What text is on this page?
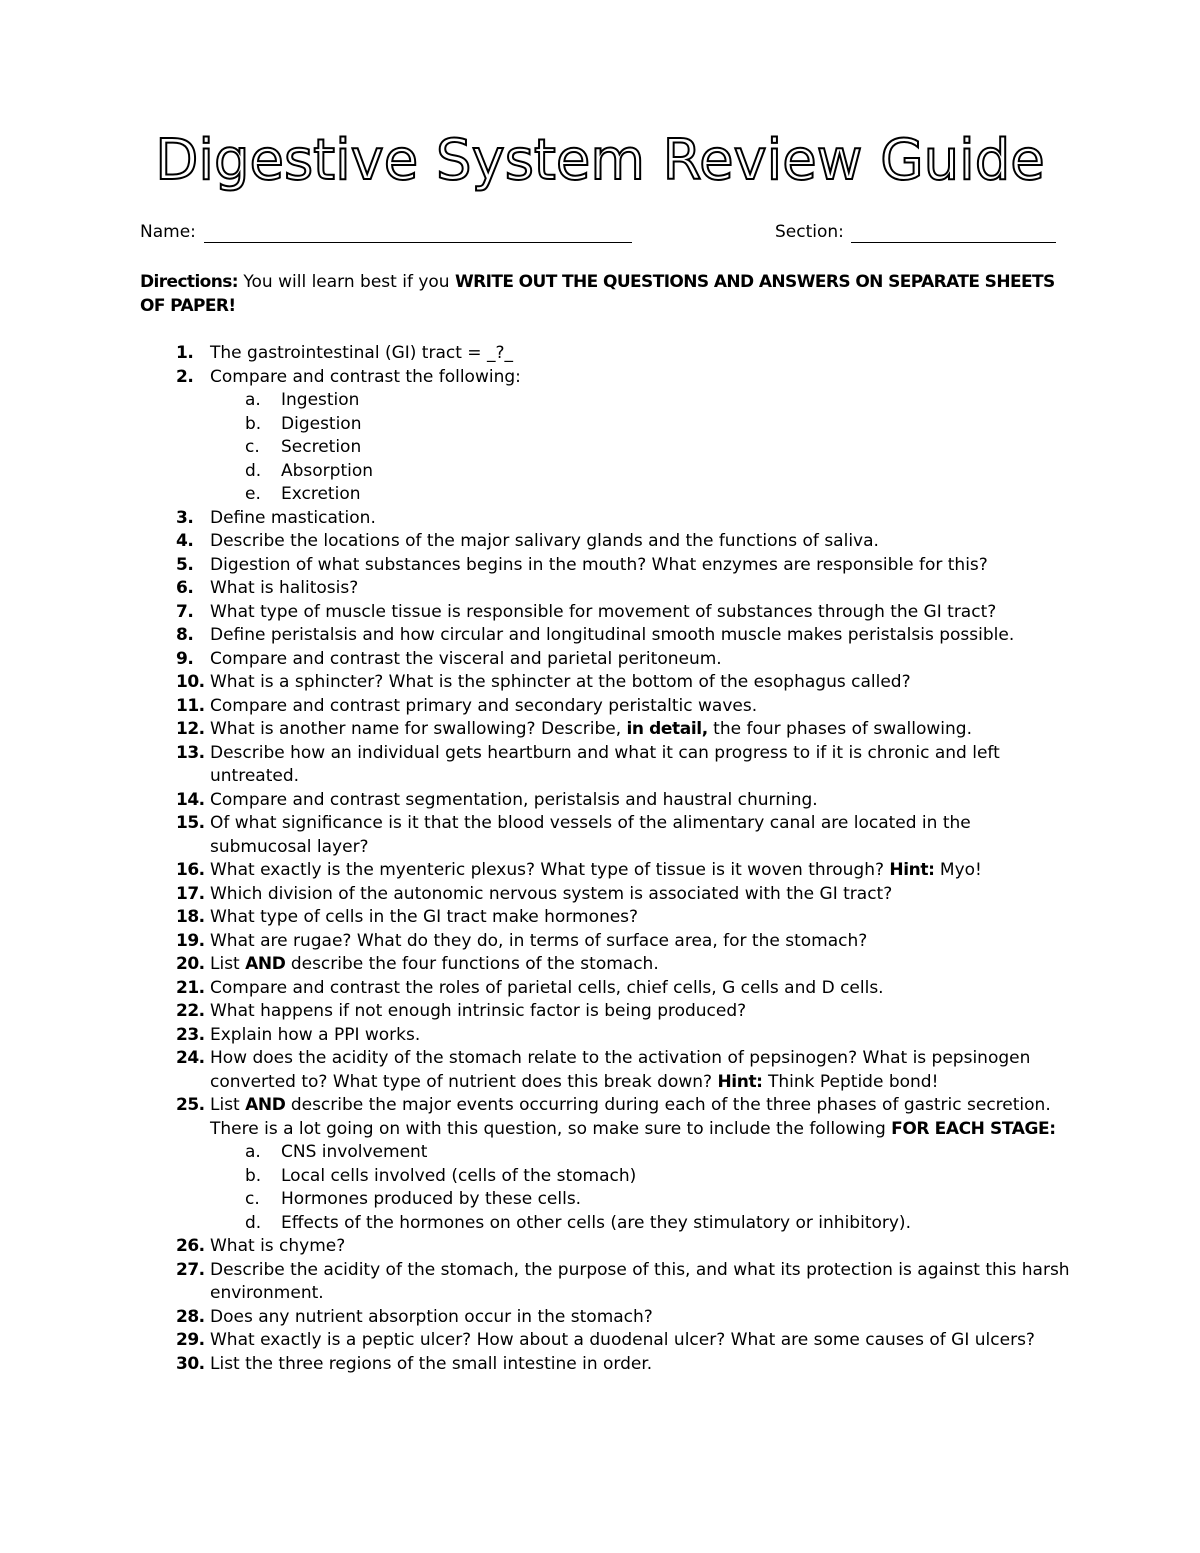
Digestive System Review Guide
Name:	Section:
Directions: You will learn best if you WRITE OUT THE QUESTIONS AND ANSWERS ON SEPARATE SHEETS OF PAPER!
1. The gastrointestinal (GI) tract = _?_
2. Compare and contrast the following:
a. Ingestion
b. Digestion
c. Secretion
d. Absorption
e. Excretion
3. Define mastication.
4. Describe the locations of the major salivary glands and the functions of saliva.
5. Digestion of what substances begins in the mouth? What enzymes are responsible for this?
6. What is halitosis?
7. What type of muscle tissue is responsible for movement of substances through the GI tract?
8. Define peristalsis and how circular and longitudinal smooth muscle makes peristalsis possible.
9. Compare and contrast the visceral and parietal peritoneum.
10. What is a sphincter? What is the sphincter at the bottom of the esophagus called?
11. Compare and contrast primary and secondary peristaltic waves.
12. What is another name for swallowing? Describe, in detail, the four phases of swallowing.
13. Describe how an individual gets heartburn and what it can progress to if it is chronic and left untreated.
14. Compare and contrast segmentation, peristalsis and haustral churning.
15. Of what significance is it that the blood vessels of the alimentary canal are located in the submucosal layer?
16. What exactly is the myenteric plexus? What type of tissue is it woven through? Hint: Myo!
17. Which division of the autonomic nervous system is associated with the GI tract?
18. What type of cells in the GI tract make hormones?
19. What are rugae? What do they do, in terms of surface area, for the stomach?
20. List AND describe the four functions of the stomach.
21. Compare and contrast the roles of parietal cells, chief cells, G cells and D cells.
22. What happens if not enough intrinsic factor is being produced?
23. Explain how a PPI works.
24. How does the acidity of the stomach relate to the activation of pepsinogen? What is pepsinogen converted to? What type of nutrient does this break down? Hint: Think Peptide bond!
25. List AND describe the major events occurring during each of the three phases of gastric secretion. There is a lot going on with this question, so make sure to include the following FOR EACH STAGE:
a. CNS involvement
b. Local cells involved (cells of the stomach)
c. Hormones produced by these cells.
d. Effects of the hormones on other cells (are they stimulatory or inhibitory).
26. What is chyme?
27. Describe the acidity of the stomach, the purpose of this, and what its protection is against this harsh environment.
28. Does any nutrient absorption occur in the stomach?
29. What exactly is a peptic ulcer? How about a duodenal ulcer? What are some causes of GI ulcers?
30. List the three regions of the small intestine in order.
